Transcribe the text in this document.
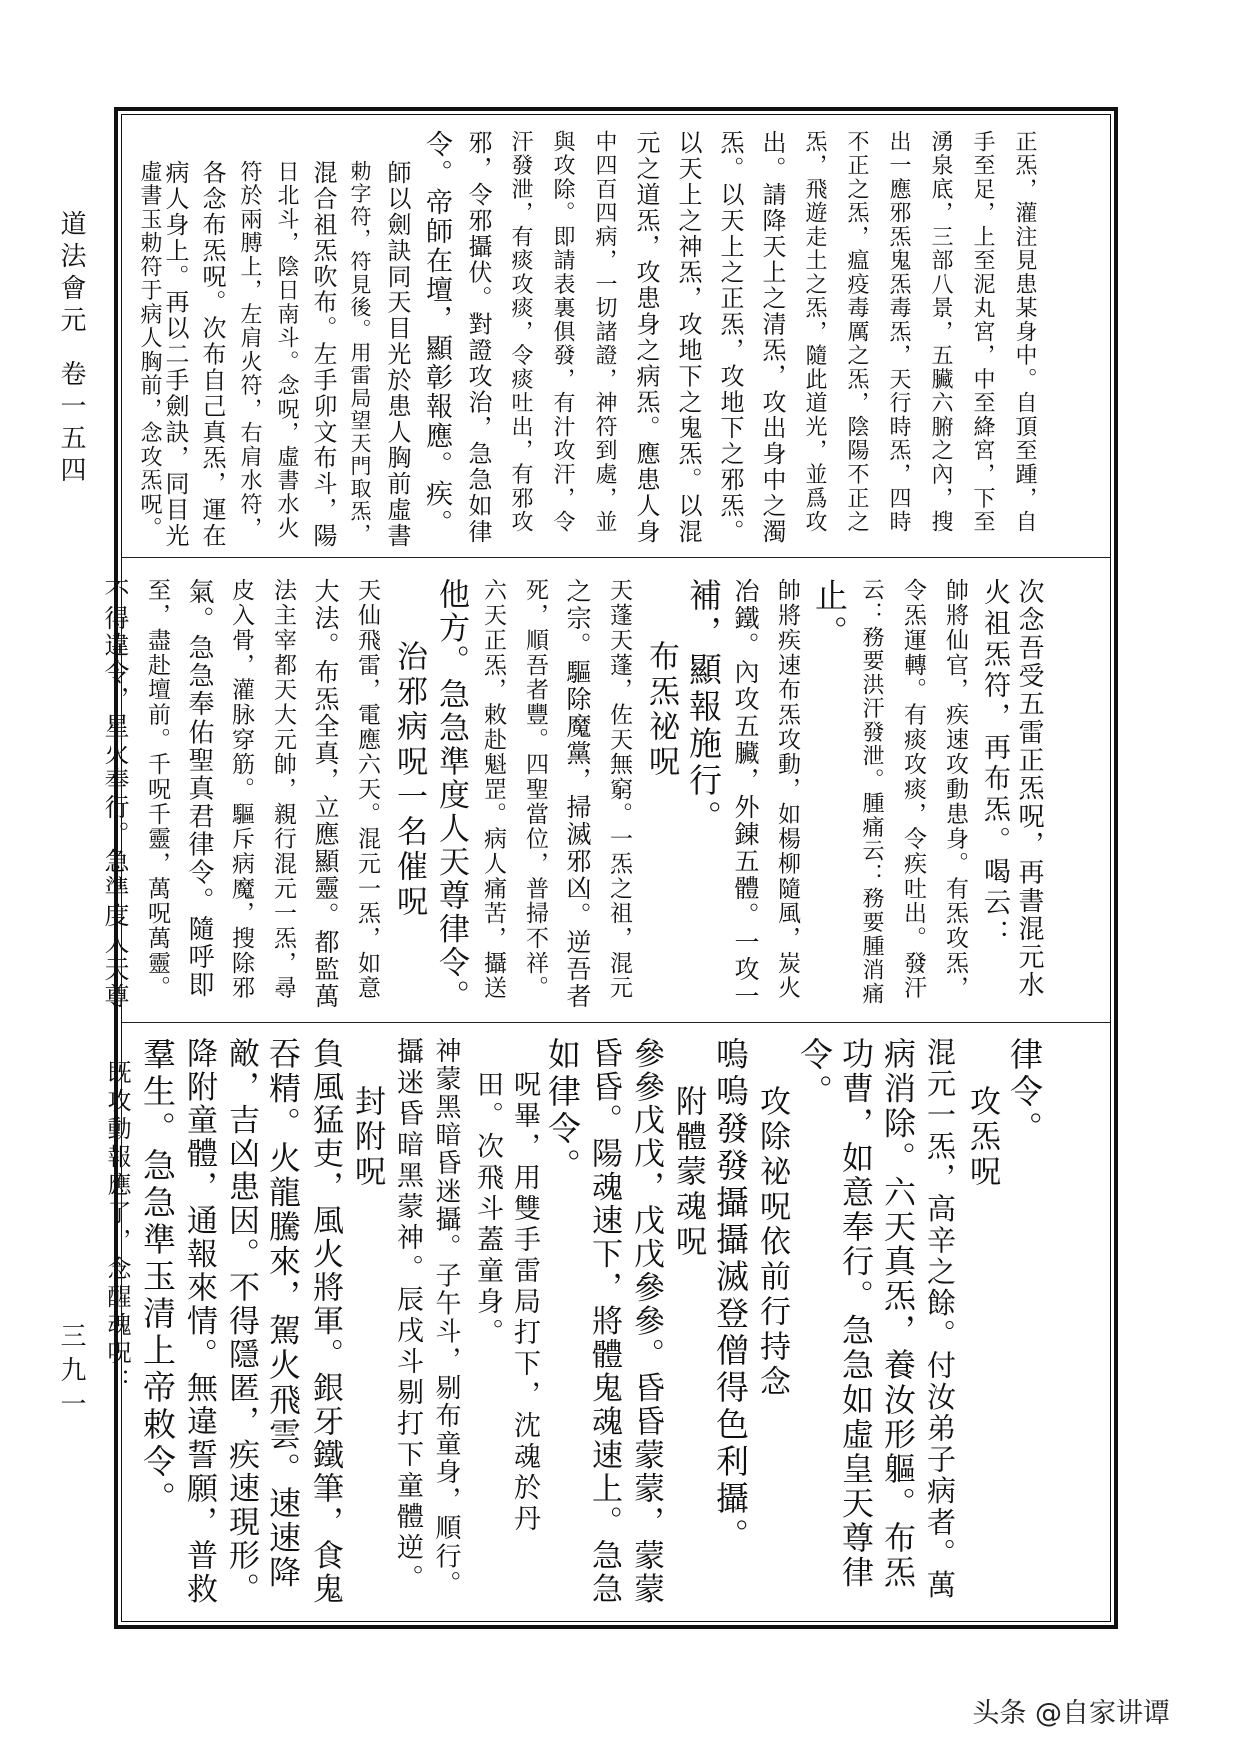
道法會元卷一五四
三九一
正炁，灌注見患某身中。自頂至踵，自
手至足，上至泥丸宮，中至絳宮，下至
湧泉底，三部八景，五臟六腑之內，搜
出一應邪炁鬼炁毒炁，天行時炁，四時
不正之炁，瘟疫毒厲之炁，陰陽不正之
炁，飛遊走土之炁，隨此道光，並爲攻
出。請降天上之清炁，攻出身中之濁
炁。以天上之正炁，攻地下之邪炁。
以天上之神炁，攻地下之鬼炁。以混
元之道炁，攻患身之病炁。應患人身
中四百四病，一切諸證，神符到處，並
與攻除。即請表裏俱發，有汁攻汗，令
汗發泄，有痰攻痰，令痰吐出，有邪攻
邪，令邪攝伏。對證攻治，急急如律
令。帝師在壇，顯彰報應。疾。
師以劍訣同天目光於患人胸前虛書
勅字符，符見後。用雷局望天門取炁，
混合祖炁吹布。左手卯文布斗，陽
日北斗，陰日南斗。念呪，虛書水火
符於兩膊上，左肩火符，右肩水符，
各念布炁呪。次布自己真炁，運在
病人身上。再以二手劍訣，同目光
虛書玉勅符于病人胸前，念攻炁呪。
次念吾受五雷正炁呪，再書混元水
火祖炁符，再布炁。喝云：
帥將仙官，疾速攻動患身。有炁攻炁，
令炁運轉。有痰攻痰，令疾吐出。發汗
云：務要洪汗發泄。腫痛云：務要腫消痛
止。
帥將疾速布炁攻動，如楊柳隨風，炭火
冶鐵。內攻五臟，外錬五體。一攻一
補，顯報施行。
布炁祕呪
天蓬天蓬，佐天無窮。一炁之祖，混元
之宗。驅除魔黨，掃滅邪凶。逆吾者
死，順吾者豐。四聖當位，普掃不祥。
六天正炁，敕赴魁罡。病人痛苦，攝送
他方。急急準度人天尊律令。
治邪病呪一名催呪
天仙飛雷，電應六天。混元一炁，如意
大法。布炁全真，立應顯靈。都監萬
法主宰都天大元帥，親行混元一炁，尋
皮入骨，灌脉穿筋。驅斥病魔，搜除邪
氣。急急奉佑聖真君律令。隨呼即
至，盡赴壇前。千呪千靈，萬呪萬靈。
不得違令，星火奉行。急準度人天尊
律令。
攻炁呪
混元一炁，高辛之餘。付汝弟子病者。萬
病消除。六天真炁，養汝形軀。布炁
功曹，如意奉行。急急如虛皇天尊律
令。
攻除祕呪依前行持念
嗚嗚發發攝攝滅登僧得色利攝。
附體蒙魂呪
參參戊戊，戊戊參參。昏昏蒙蒙，蒙蒙
昏昏。陽魂速下，將體鬼魂速上。急急
如律令。
呪畢，用雙手雷局打下，沈魂於丹
田。次飛斗蓋童身。
神蒙黑暗昏迷攝。子午斗，剔布童身，順行。
攝迷昏暗黑蒙神。辰戌斗剔打下童體逆。
封附呪
負風猛吏，風火將軍。銀牙鐵筆，食鬼
吞精。火龍騰來，駕火飛雲。速速降
敵，吉凶患因。不得隱匿，疾速現形。
降附童體，通報來情。無違誓願，普救
羣生。急急準玉清上帝敕令。
既攻動報應了，念醒魂呪：
头条 @自家讲谭
